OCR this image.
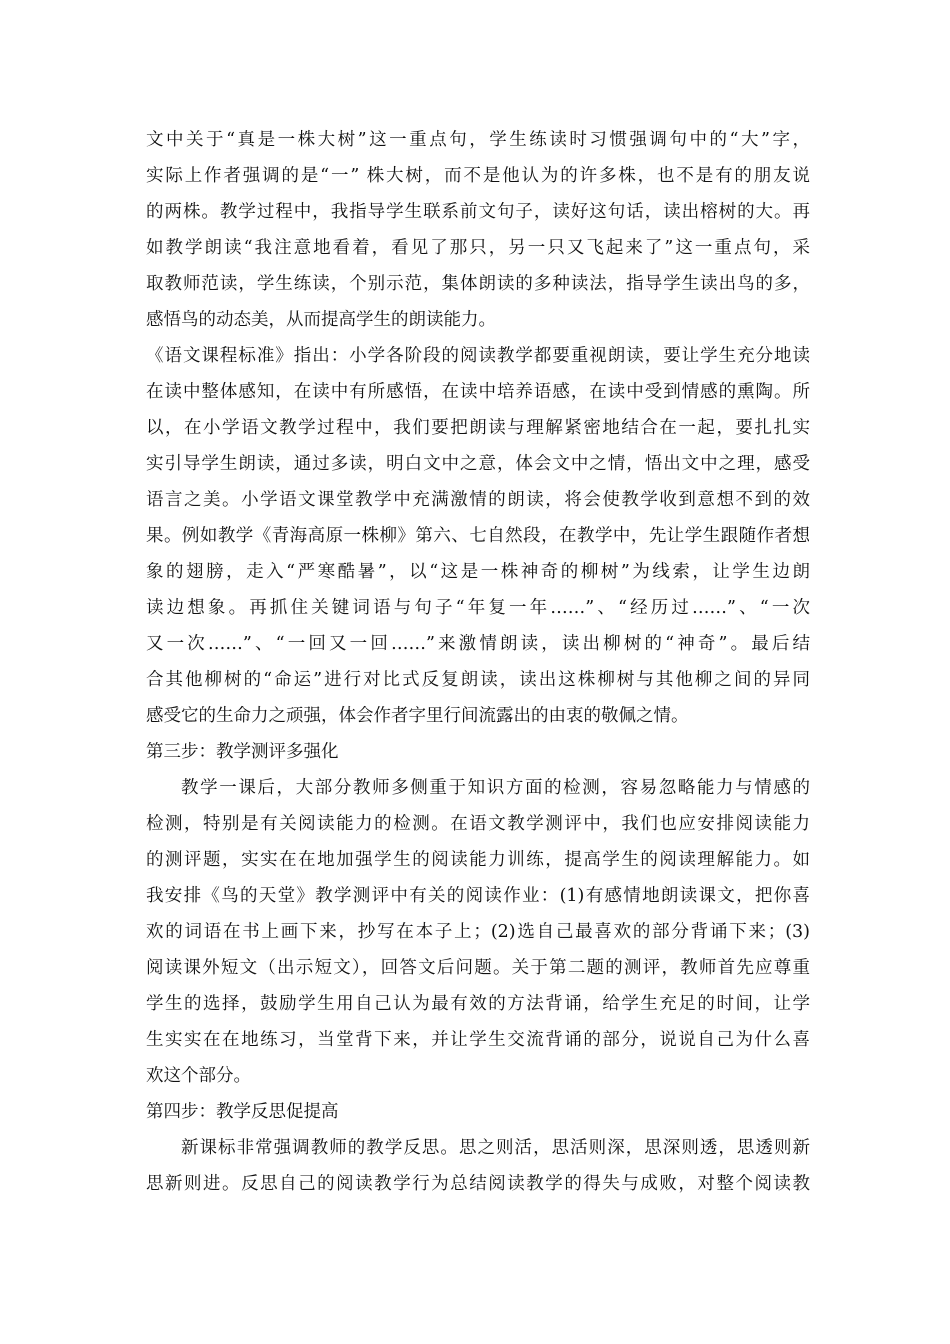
文中关于“真是一株大树”这一重点句，学生练读时习惯强调句中的“大”字，
实际上作者强调的是“一” 株大树，而不是他认为的许多株，也不是有的朋友说
的两株。教学过程中，我指导学生联系前文句子，读好这句话，读出榕树的大。再
如教学朗读“我注意地看着，看见了那只，另一只又飞起来了”这一重点句，采
取教师范读，学生练读，个别示范，集体朗读的多种读法，指导学生读出鸟的多，
感悟鸟的动态美，从而提高学生的朗读能力。
《语文课程标准》指出：小学各阶段的阅读教学都要重视朗读，要让学生充分地读
在读中整体感知，在读中有所感悟，在读中培养语感，在读中受到情感的熏陶。所
以，在小学语文教学过程中，我们要把朗读与理解紧密地结合在一起，要扎扎实
实引导学生朗读，通过多读，明白文中之意，体会文中之情，悟出文中之理，感受
语言之美。小学语文课堂教学中充满激情的朗读，将会使教学收到意想不到的效
果。例如教学《青海高原一株柳》第六、七自然段，在教学中，先让学生跟随作者想
象的翅膀，走入“严寒酷暑”，以“这是一株神奇的柳树”为线索，让学生边朗
读边想象。再抓住关键词语与句子“年复一年……”、“经历过……”、“一次
又一次……”、“一回又一回……”来激情朗读，读出柳树的“神奇”。最后结
合其他柳树的“命运”进行对比式反复朗读，读出这株柳树与其他柳之间的异同
感受它的生命力之顽强，体会作者字里行间流露出的由衷的敬佩之情。
第三步：教学测评多强化
教学一课后，大部分教师多侧重于知识方面的检测，容易忽略能力与情感的
检测，特别是有关阅读能力的检测。在语文教学测评中，我们也应安排阅读能力
的测评题，实实在在地加强学生的阅读能力训练，提高学生的阅读理解能力。如
我安排《鸟的天堂》教学测评中有关的阅读作业：(1)有感情地朗读课文，把你喜
欢的词语在书上画下来，抄写在本子上；(2)选自己最喜欢的部分背诵下来；(3)
阅读课外短文（出示短文），回答文后问题。关于第二题的测评，教师首先应尊重
学生的选择，鼓励学生用自己认为最有效的方法背诵，给学生充足的时间，让学
生实实在在地练习，当堂背下来，并让学生交流背诵的部分，说说自己为什么喜
欢这个部分。
第四步：教学反思促提高
新课标非常强调教师的教学反思。思之则活，思活则深，思深则透，思透则新
思新则进。反思自己的阅读教学行为总结阅读教学的得失与成败，对整个阅读教
